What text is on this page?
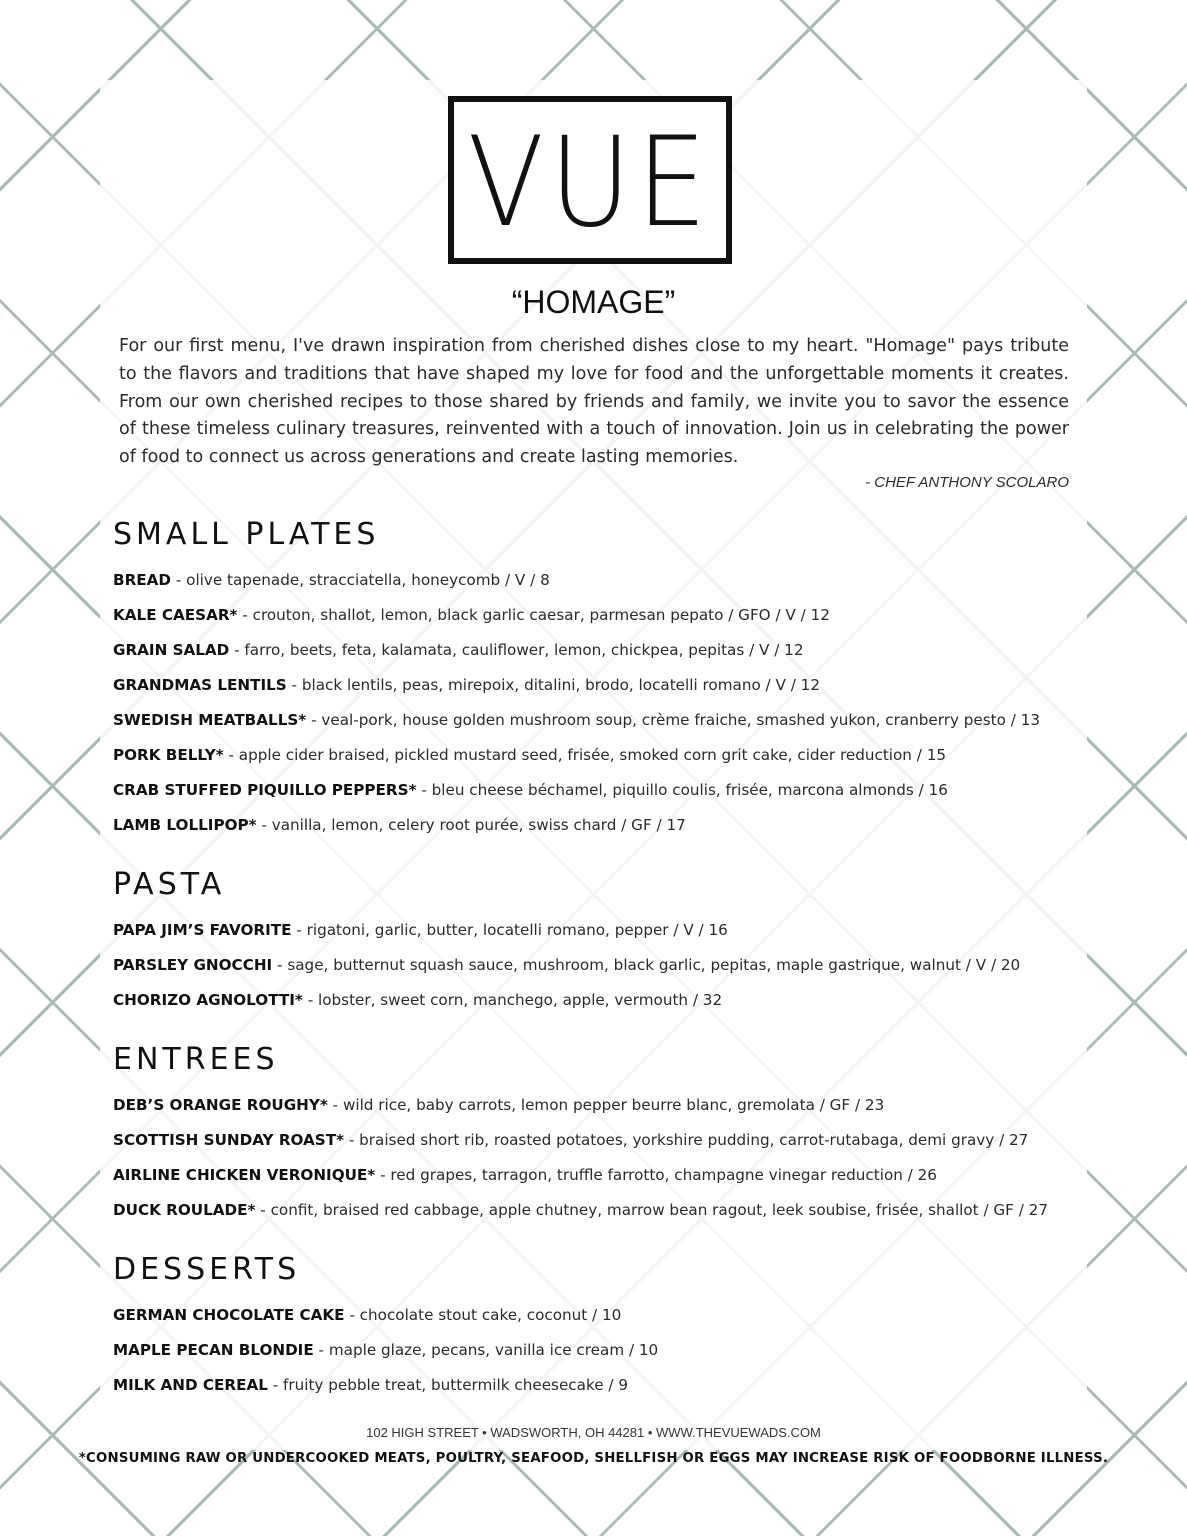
VUE
“HOMAGE”

For our first menu, I've drawn inspiration from cherished dishes close to my heart. "Homage" pays tribute to the flavors and traditions that have shaped my love for food and the unforgettable moments it creates. From our own cherished recipes to those shared by friends and family, we invite you to savor the essence of these timeless culinary treasures, reinvented with a touch of innovation. Join us in celebrating the power of food to connect us across generations and create lasting memories.

- CHEF ANTHONY SCOLARO
SMALL PLATES
BREAD - olive tapenade, stracciatella, honeycomb / V / 8
KALE CAESAR* - crouton, shallot, lemon, black garlic caesar, parmesan pepato / GFO / V / 12
GRAIN SALAD - farro, beets, feta, kalamata, cauliflower, lemon, chickpea, pepitas / V / 12
GRANDMAS LENTILS - black lentils, peas, mirepoix, ditalini, brodo, locatelli romano / V / 12
SWEDISH MEATBALLS* - veal-pork, house golden mushroom soup, crème fraiche, smashed yukon, cranberry pesto / 13
PORK BELLY* - apple cider braised, pickled mustard seed, frisée, smoked corn grit cake, cider reduction / 15
CRAB STUFFED PIQUILLO PEPPERS* - bleu cheese béchamel, piquillo coulis, frisée, marcona almonds / 16
LAMB LOLLIPOP* - vanilla, lemon, celery root purée, swiss chard / GF / 17
PASTA
PAPA JIM’S FAVORITE - rigatoni, garlic, butter, locatelli romano, pepper / V / 16
PARSLEY GNOCCHI - sage, butternut squash sauce, mushroom, black garlic, pepitas, maple gastrique, walnut / V / 20
CHORIZO AGNOLOTTI* - lobster, sweet corn, manchego, apple, vermouth / 32
ENTREES
DEB’S ORANGE ROUGHY* - wild rice, baby carrots, lemon pepper beurre blanc, gremolata / GF / 23
SCOTTISH SUNDAY ROAST* - braised short rib, roasted potatoes, yorkshire pudding, carrot-rutabaga, demi gravy / 27
AIRLINE CHICKEN VERONIQUE* - red grapes, tarragon, truffle farrotto, champagne vinegar reduction / 26
DUCK ROULADE* - confit, braised red cabbage, apple chutney, marrow bean ragout, leek soubise, frisée, shallot / GF / 27
DESSERTS
GERMAN CHOCOLATE CAKE - chocolate stout cake, coconut / 10
MAPLE PECAN BLONDIE - maple glaze, pecans, vanilla ice cream / 10
MILK AND CEREAL - fruity pebble treat, buttermilk cheesecake / 9
102 HIGH STREET • WADSWORTH, OH 44281 • WWW.THEVUEWADS.COM
*CONSUMING RAW OR UNDERCOOKED MEATS, POULTRY, SEAFOOD, SHELLFISH OR EGGS MAY INCREASE RISK OF FOODBORNE ILLNESS.
